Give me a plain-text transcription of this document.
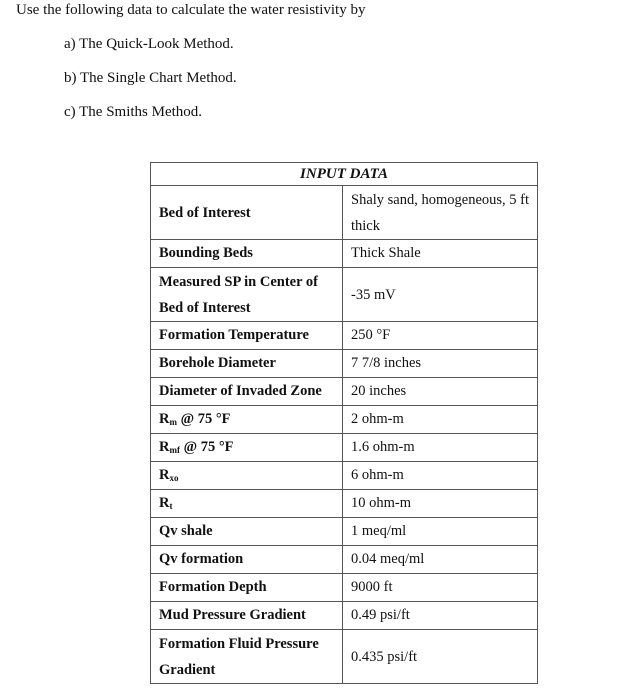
Use the following data to calculate the water resistivity by
a) The Quick-Look Method.
b) The Single Chart Method.
c) The Smiths Method.
INPUT DATA	
Bed of Interest	Shaly sand, homogeneous, 5 ft thick
Bounding Beds	Thick Shale
Measured SP in Center of Bed of Interest	-35 mV
Formation Temperature	250 °F
Borehole Diameter	7 7/8 inches
Diameter of Invaded Zone	20 inches
$R_m$ @ 75 °F	2 ohm-m
$R_{mf}$ @ 75 °F	1.6 ohm-m
$R_{xo}$	6 ohm-m
$R_t$	10 ohm-m
Qv shale	1 meq/ml
Qv formation	0.04 meq/ml
Formation Depth	9000 ft
Mud Pressure Gradient	0.49 psi/ft
Formation Fluid Pressure Gradient	0.435 psi/ft
